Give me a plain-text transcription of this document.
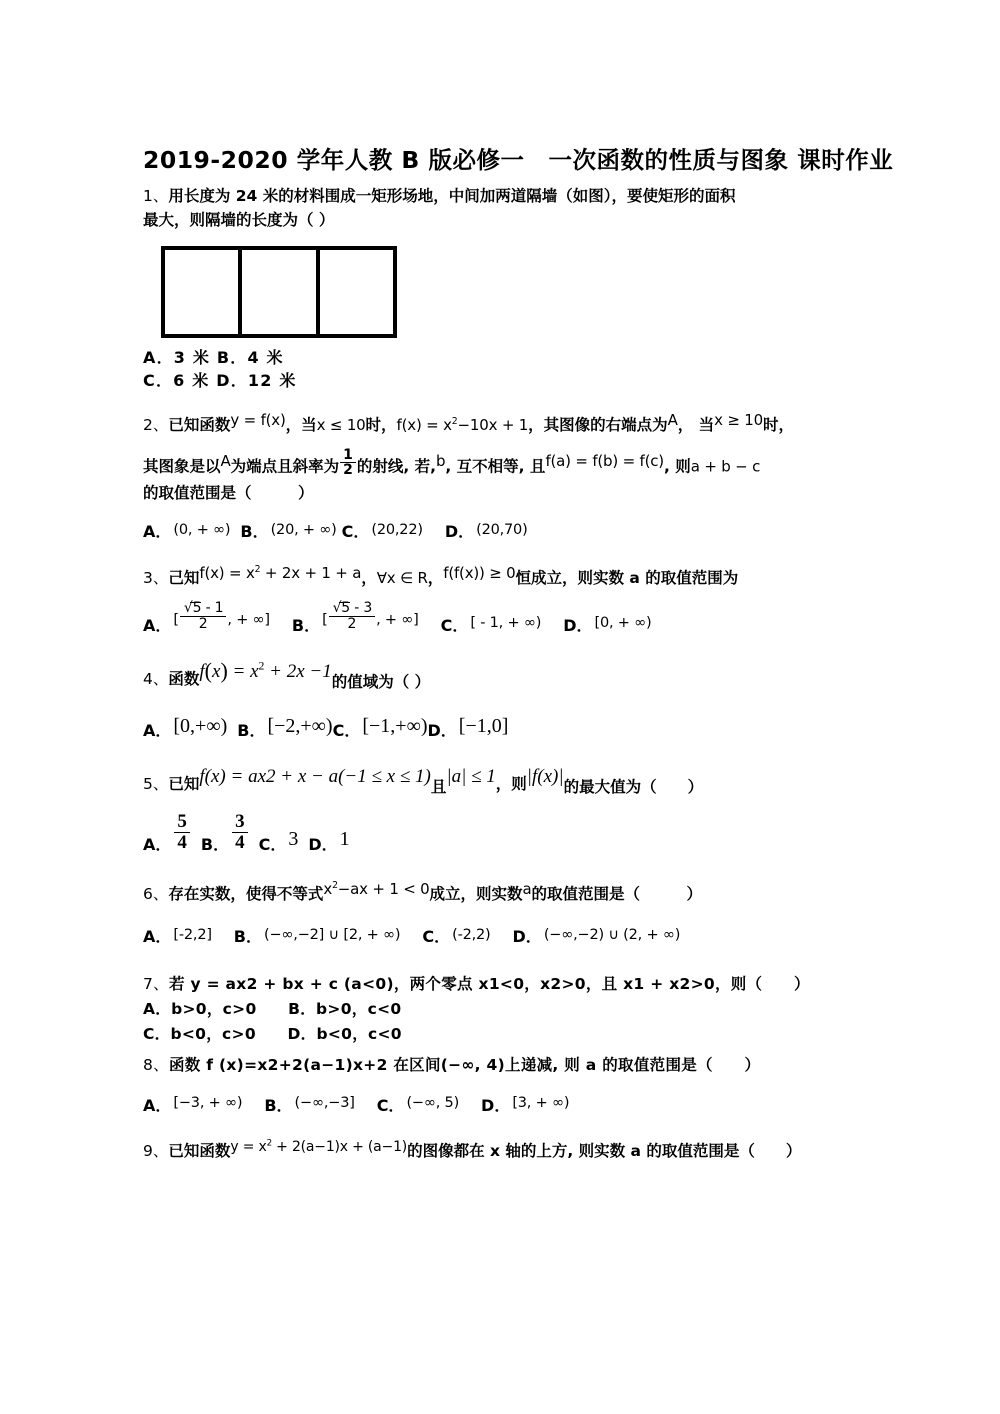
2019-2020 学年人教 B 版必修一　一次函数的性质与图象 课时作业
1、用长度为 24 米的材料围成一矩形场地，中间加两道隔墙（如图），要使矩形的面积
最大，则隔墙的长度为（ ）
A．3 米 B．4 米
C．6 米 D．12 米
2、已知函数y = f(x)，当x ≤ 10时，$f(x) = x^2-10x + 1$，其图像的右端点为A， 当x ≥ 10时，
其图象是以A为端点且斜率为 $\frac{1}{2}$ 的射线, 若,b, 互不相等, 且f(a) = f(b) = f(c), 则a + b − c
的取值范围是（　　　）
A． (0, + ∞) B． (20, + ∞) C． (20,22) D． (20,70)
3、己知$f(x) = x^2 + 2x + 1 + a$，∀x ∈ R，f(f(x)) ≥ 0恒成立，则实数 a 的取值范围为
A． [ √
5 - 1
2 , + ∞] B． [ √
5 - 3
2 , + ∞] C． [ - 1, + ∞) D． [0, + ∞)
4、函数$f(x) = x^2 + 2x -1$的值域为（ ）
A． [0,+∞) B． [−2,+∞) C． [−1,+∞) D． [−1,0]
5、已知f(x) = ax2 + x − a(−1 ≤ x ≤ 1)且|a| ≤ 1，则|f(x)|的最大值为（　　）
A． $\frac{5}{4}$ B． $\frac{3}{4}$ C． 3 D． 1
6、存在实数，使得不等式$x^2-ax + 1 < 0$成立，则实数a的取值范围是（　　　）
A． [-2,2] B． (−∞,−2] ∪ [2, + ∞) C． (-2,2) D． (−∞,−2) ∪ (2, + ∞)
7、若 y = ax2 + bx + c (a<0)，两个零点 x1<0，x2>0，且 x1 + x2>0，则（　　）
A．b>0，c>0　　B．b>0，c<0
C．b<0，c>0　　D．b<0，c<0
8、函数 f (x)=x2+2(a−1)x+2 在区间(−∞, 4)上递减, 则 a 的取值范围是（　　）
A． [−3, + ∞) B． (−∞,−3] C． (−∞, 5) D． [3, + ∞)
9、已知函数$y = x^2 + 2(a-1)x + (a-1)$的图像都在 x 轴的上方, 则实数 a 的取值范围是（　　）
